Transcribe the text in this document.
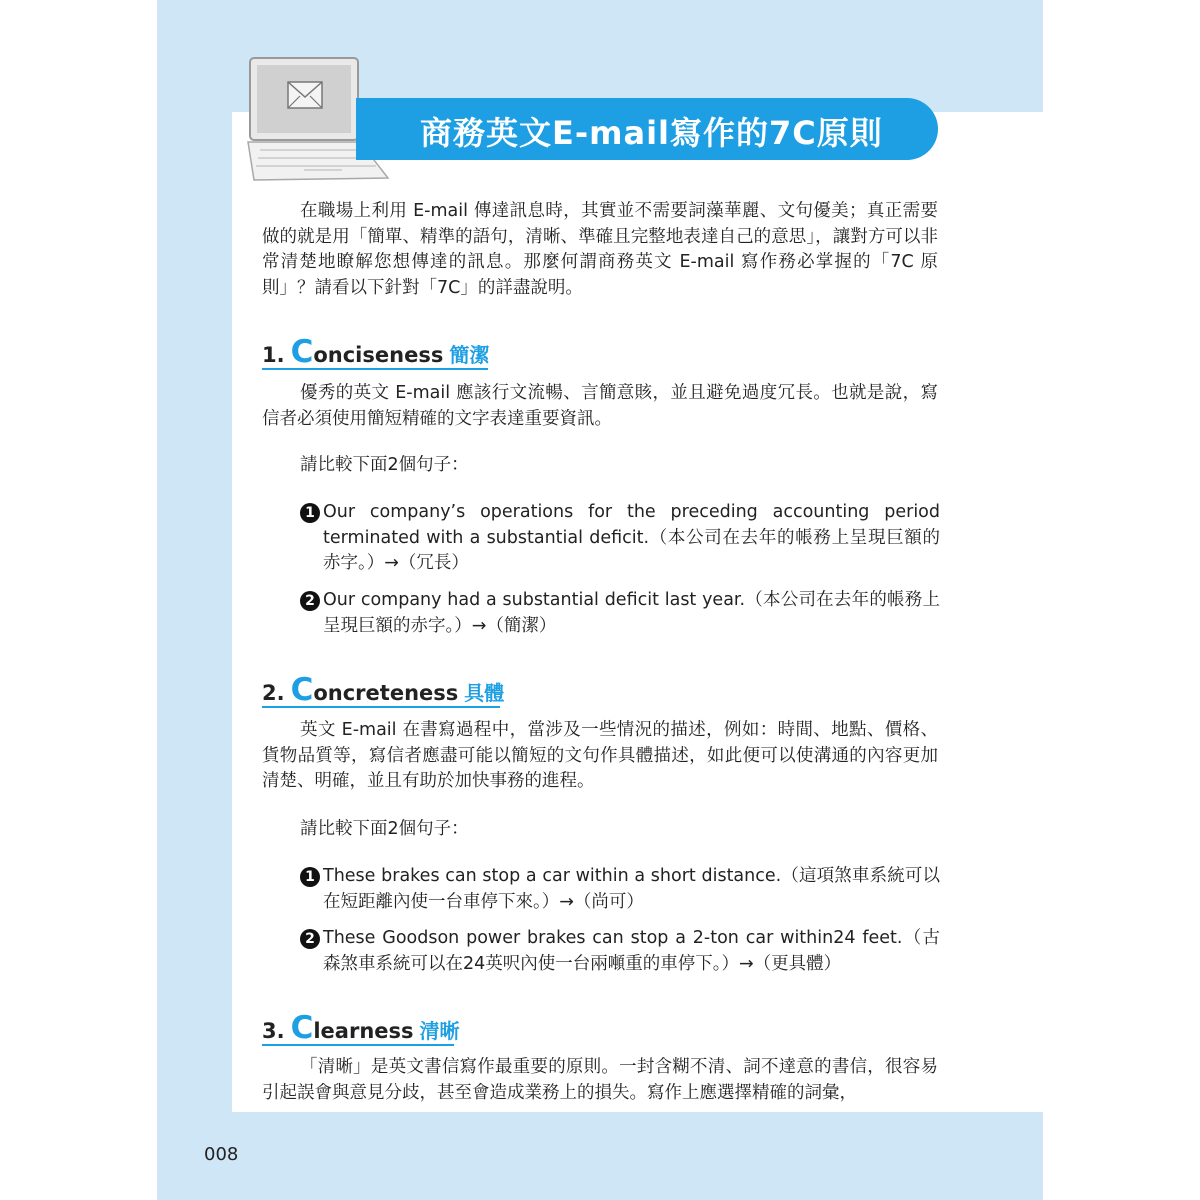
商務英文E-mail寫作的7C原則
在職場上利用 E-mail 傳達訊息時，其實並不需要詞藻華麗、文句優美；真正需要做的就是用「簡單、精準的語句，清晰、準確且完整地表達自己的意思」，讓對方可以非常清楚地瞭解您想傳達的訊息。那麼何謂商務英文 E-mail 寫作務必掌握的「7C 原則」？請看以下針對「7C」的詳盡說明。
1. Conciseness 簡潔
優秀的英文 E-mail 應該行文流暢、言簡意賅，並且避免過度冗長。也就是說，寫信者必須使用簡短精確的文字表達重要資訊。
請比較下面2個句子：
1 Our company’s operations for the preceding accounting period terminated with a substantial deficit.（本公司在去年的帳務上呈現巨額的赤字。）→（冗長）
2 Our company had a substantial deficit last year.（本公司在去年的帳務上呈現巨額的赤字。）→（簡潔）
2. Concreteness 具體
英文 E-mail 在書寫過程中，當涉及一些情況的描述，例如：時間、地點、價格、貨物品質等，寫信者應盡可能以簡短的文句作具體描述，如此便可以使溝通的內容更加清楚、明確，並且有助於加快事務的進程。
請比較下面2個句子：
1 These brakes can stop a car within a short distance.（這項煞車系統可以在短距離內使一台車停下來。）→（尚可）
2 These Goodson power brakes can stop a 2-ton car within24 feet.（古森煞車系統可以在24英呎內使一台兩噸重的車停下。）→（更具體）
3. Clearness 清晰
「清晰」是英文書信寫作最重要的原則。一封含糊不清、詞不達意的書信，很容易引起誤會與意見分歧，甚至會造成業務上的損失。寫作上應選擇精確的詞彙，
008
